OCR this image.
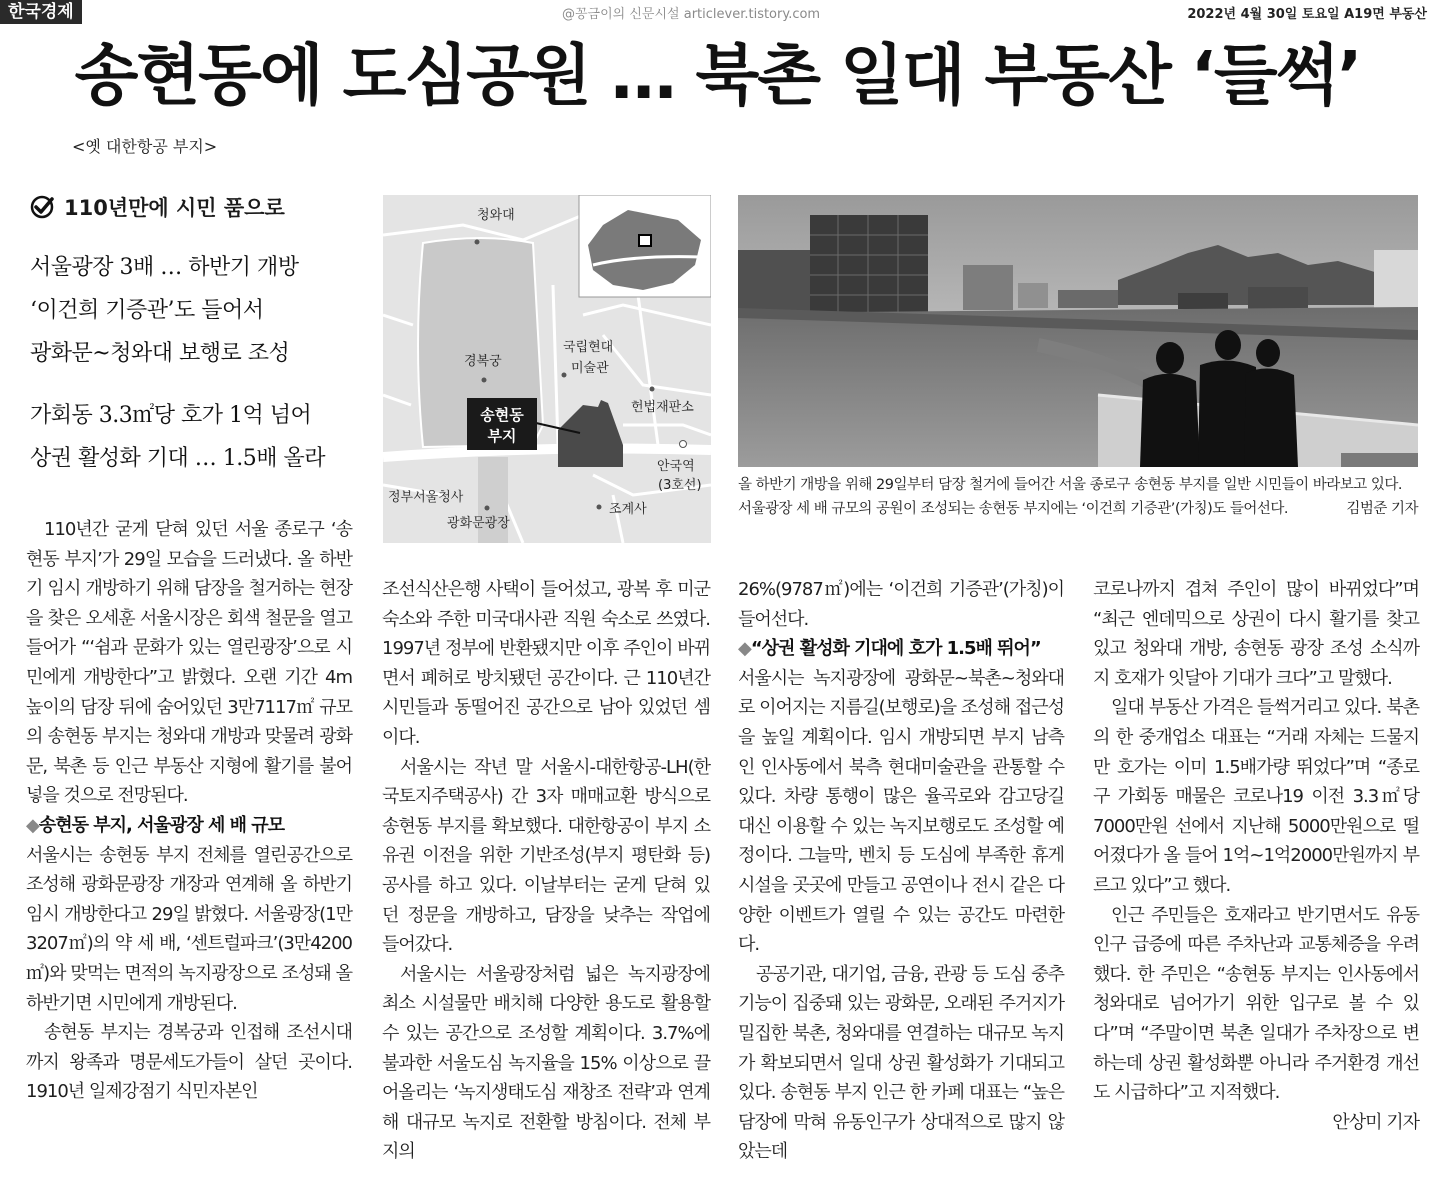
한국경제	@꽁금이의 신문시설 articlever.tistory.com	2022년 4월 30일 토요일 A19면 부동산
송현동에 도심공원 … 북촌 일대 부동산 ‘들썩’
<옛 대한항공 부지>
110년만에 시민 품으로
서울광장 3배 … 하반기 개방
‘이건희 기증관’도 들어서
광화문~청와대 보행로 조성
가회동 3.3㎡당 호가 1억 넘어
상권 활성화 기대 … 1.5배 올라
청와대
경복궁
국립현대
미술관
헌법재판소
안국역
(3호선)
정부서울청사
광화문광장
조계사
송현동
부지
올 하반기 개방을 위해 29일부터 담장 철거에 들어간 서울 종로구 송현동 부지를 일반 시민들이 바라보고 있다. 서울광장 세 배 규모의 공원이 조성되는 송현동 부지에는 ‘이건희 기증관’(가칭)도 들어선다.	김범준 기자

110년간 굳게 닫혀 있던 서울 종로구 ‘송현동 부지’가 29일 모습을 드러냈다. 올 하반기 임시 개방하기 위해 담장을 철거하는 현장을 찾은 오세훈 서울시장은 회색 철문을 열고 들어가 “‘쉼과 문화가 있는 열린광장’으로 시민에게 개방한다”고 밝혔다. 오랜 기간 4m 높이의 담장 뒤에 숨어있던 3만7117㎡ 규모의 송현동 부지는 청와대 개방과 맞물려 광화문, 북촌 등 인근 부동산 지형에 활기를 불어넣을 것으로 전망된다.

◆송현동 부지, 서울광장 세 배 규모

서울시는 송현동 부지 전체를 열린공간으로 조성해 광화문광장 개장과 연계해 올 하반기 임시 개방한다고 29일 밝혔다. 서울광장(1만3207㎡)의 약 세 배, ‘센트럴파크’(3만4200㎡)와 맞먹는 면적의 녹지광장으로 조성돼 올 하반기면 시민에게 개방된다.

송현동 부지는 경복궁과 인접해 조선시대까지 왕족과 명문세도가들이 살던 곳이다. 1910년 일제강점기 식민자본인

조선식산은행 사택이 들어섰고, 광복 후 미군 숙소와 주한 미국대사관 직원 숙소로 쓰였다. 1997년 정부에 반환됐지만 이후 주인이 바뀌면서 폐허로 방치됐던 공간이다. 근 110년간 시민들과 동떨어진 공간으로 남아 있었던 셈이다.

서울시는 작년 말 서울시-대한항공-LH(한국토지주택공사) 간 3자 매매교환 방식으로 송현동 부지를 확보했다. 대한항공이 부지 소유권 이전을 위한 기반조성(부지 평탄화 등) 공사를 하고 있다. 이날부터는 굳게 닫혀 있던 정문을 개방하고, 담장을 낮추는 작업에 들어갔다.

서울시는 서울광장처럼 넓은 녹지광장에 최소 시설물만 배치해 다양한 용도로 활용할 수 있는 공간으로 조성할 계획이다. 3.7%에 불과한 서울도심 녹지율을 15% 이상으로 끌어올리는 ‘녹지생태도심 재창조 전략’과 연계해 대규모 녹지로 전환할 방침이다. 전체 부지의

26%(9787㎡)에는 ‘이건희 기증관’(가칭)이 들어선다.

◆“상권 활성화 기대에 호가 1.5배 뛰어”

서울시는 녹지광장에 광화문~북촌~청와대로 이어지는 지름길(보행로)을 조성해 접근성을 높일 계획이다. 임시 개방되면 부지 남측인 인사동에서 북측 현대미술관을 관통할 수 있다. 차량 통행이 많은 율곡로와 감고당길 대신 이용할 수 있는 녹지보행로도 조성할 예정이다. 그늘막, 벤치 등 도심에 부족한 휴게시설을 곳곳에 만들고 공연이나 전시 같은 다양한 이벤트가 열릴 수 있는 공간도 마련한다.

공공기관, 대기업, 금융, 관광 등 도심 중추 기능이 집중돼 있는 광화문, 오래된 주거지가 밀집한 북촌, 청와대를 연결하는 대규모 녹지가 확보되면서 일대 상권 활성화가 기대되고 있다. 송현동 부지 인근 한 카페 대표는 “높은 담장에 막혀 유동인구가 상대적으로 많지 않았는데

코로나까지 겹쳐 주인이 많이 바뀌었다”며 “최근 엔데믹으로 상권이 다시 활기를 찾고 있고 청와대 개방, 송현동 광장 조성 소식까지 호재가 잇달아 기대가 크다”고 말했다.

일대 부동산 가격은 들썩거리고 있다. 북촌의 한 중개업소 대표는 “거래 자체는 드물지만 호가는 이미 1.5배가량 뛰었다”며 “종로구 가회동 매물은 코로나19 이전 3.3㎡당 7000만원 선에서 지난해 5000만원으로 떨어졌다가 올 들어 1억~1억2000만원까지 부르고 있다”고 했다.

인근 주민들은 호재라고 반기면서도 유동인구 급증에 따른 주차난과 교통체증을 우려했다. 한 주민은 “송현동 부지는 인사동에서 청와대로 넘어가기 위한 입구로 볼 수 있다”며 “주말이면 북촌 일대가 주차장으로 변하는데 상권 활성화뿐 아니라 주거환경 개선도 시급하다”고 지적했다.

안상미 기자
